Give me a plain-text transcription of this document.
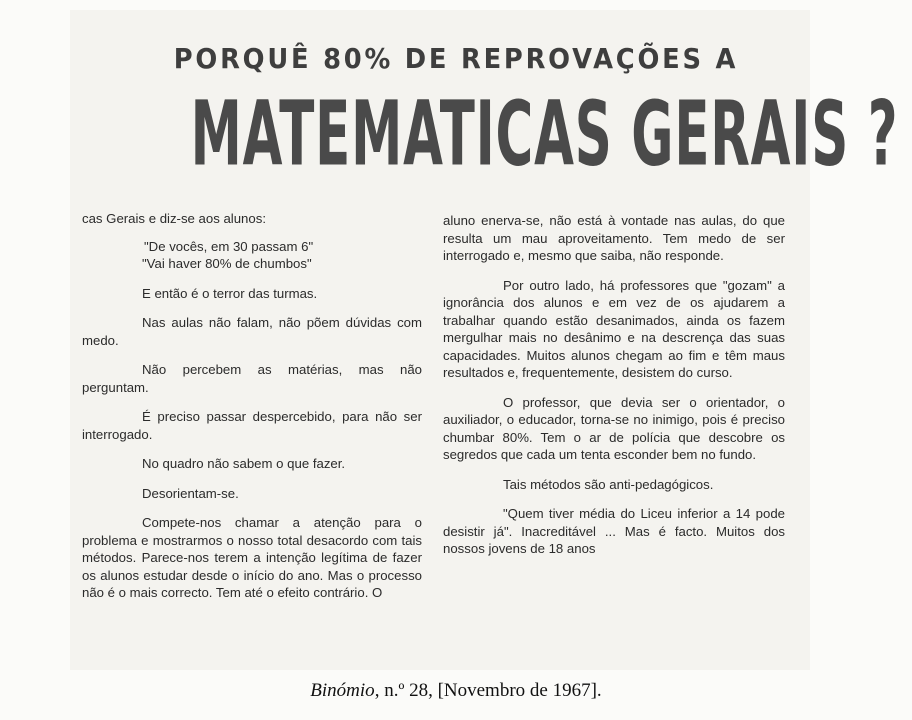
PORQUÊ 80% DE REPROVAÇÕES A
MATEMATICAS GERAIS ?

cas Gerais e diz-se aos alunos:

"De vocês, em 30 passam 6"

"Vai haver 80% de chumbos"

E então é o terror das turmas.

Nas aulas não falam, não põem dúvidas com medo.

Não percebem as matérias, mas não perguntam.

É preciso passar despercebido, para não ser interrogado.

No quadro não sabem o que fazer.

Desorientam-se.

Compete-nos chamar a atenção para o problema e mostrarmos o nosso total desacordo com tais métodos. Parece-nos terem a intenção legítima de fazer os alunos estudar desde o início do ano. Mas o processo não é o mais correcto. Tem até o efeito contrário. O

aluno enerva-se, não está à vontade nas aulas, do que resulta um mau aproveitamento. Tem medo de ser interrogado e, mesmo que saiba, não responde.

Por outro lado, há professores que "gozam" a ignorância dos alunos e em vez de os ajudarem a trabalhar quando estão desanimados, ainda os fazem mergulhar mais no desânimo e na descrença das suas capacidades. Muitos alunos chegam ao fim e têm maus resultados e, frequentemente, desistem do curso.

O professor, que devia ser o orientador, o auxiliador, o educador, torna-se no inimigo, pois é preciso chumbar 80%. Tem o ar de polícia que descobre os segredos que cada um tenta esconder bem no fundo.

Tais métodos são anti-pedagógicos.

"Quem tiver média do Liceu inferior a 14 pode desistir já". Inacreditável ... Mas é facto. Muitos dos nossos jovens de 18 anos

Binómio, n.º 28, [Novembro de 1967].
